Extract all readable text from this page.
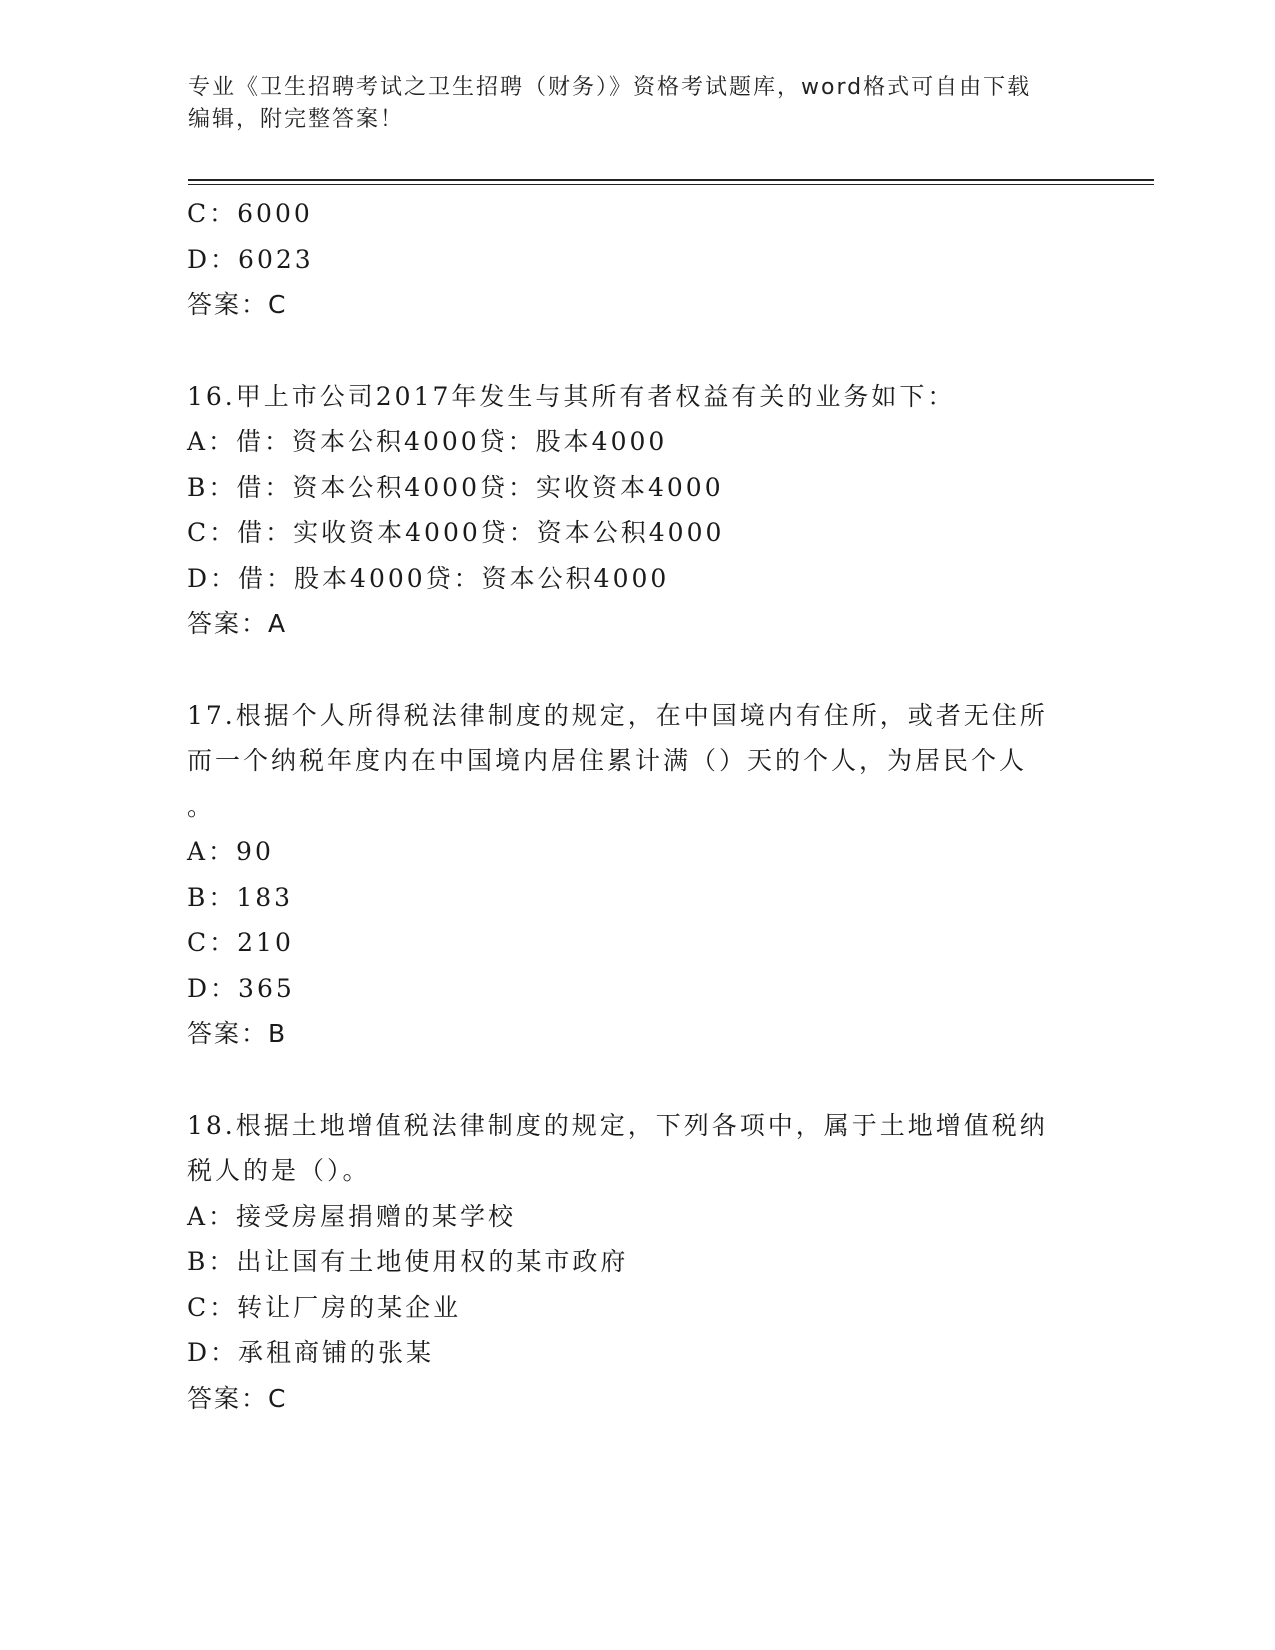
专业《卫生招聘考试之卫生招聘（财务）》资格考试题库，word格式可自由下载
编辑，附完整答案！
C：6000
D：6023
答案：C
16.甲上市公司2017年发生与其所有者权益有关的业务如下：
A：借：资本公积4000贷：股本4000
B：借：资本公积4000贷：实收资本4000
C：借：实收资本4000贷：资本公积4000
D：借：股本4000贷：资本公积4000
答案：A
17.根据个人所得税法律制度的规定，在中国境内有住所，或者无住所
而一个纳税年度内在中国境内居住累计满（）天的个人，为居民个人
。
A：90
B：183
C：210
D：365
答案：B
18.根据土地增值税法律制度的规定，下列各项中，属于土地增值税纳
税人的是（）。
A：接受房屋捐赠的某学校
B：出让国有土地使用权的某市政府
C：转让厂房的某企业
D：承租商铺的张某
答案：C
